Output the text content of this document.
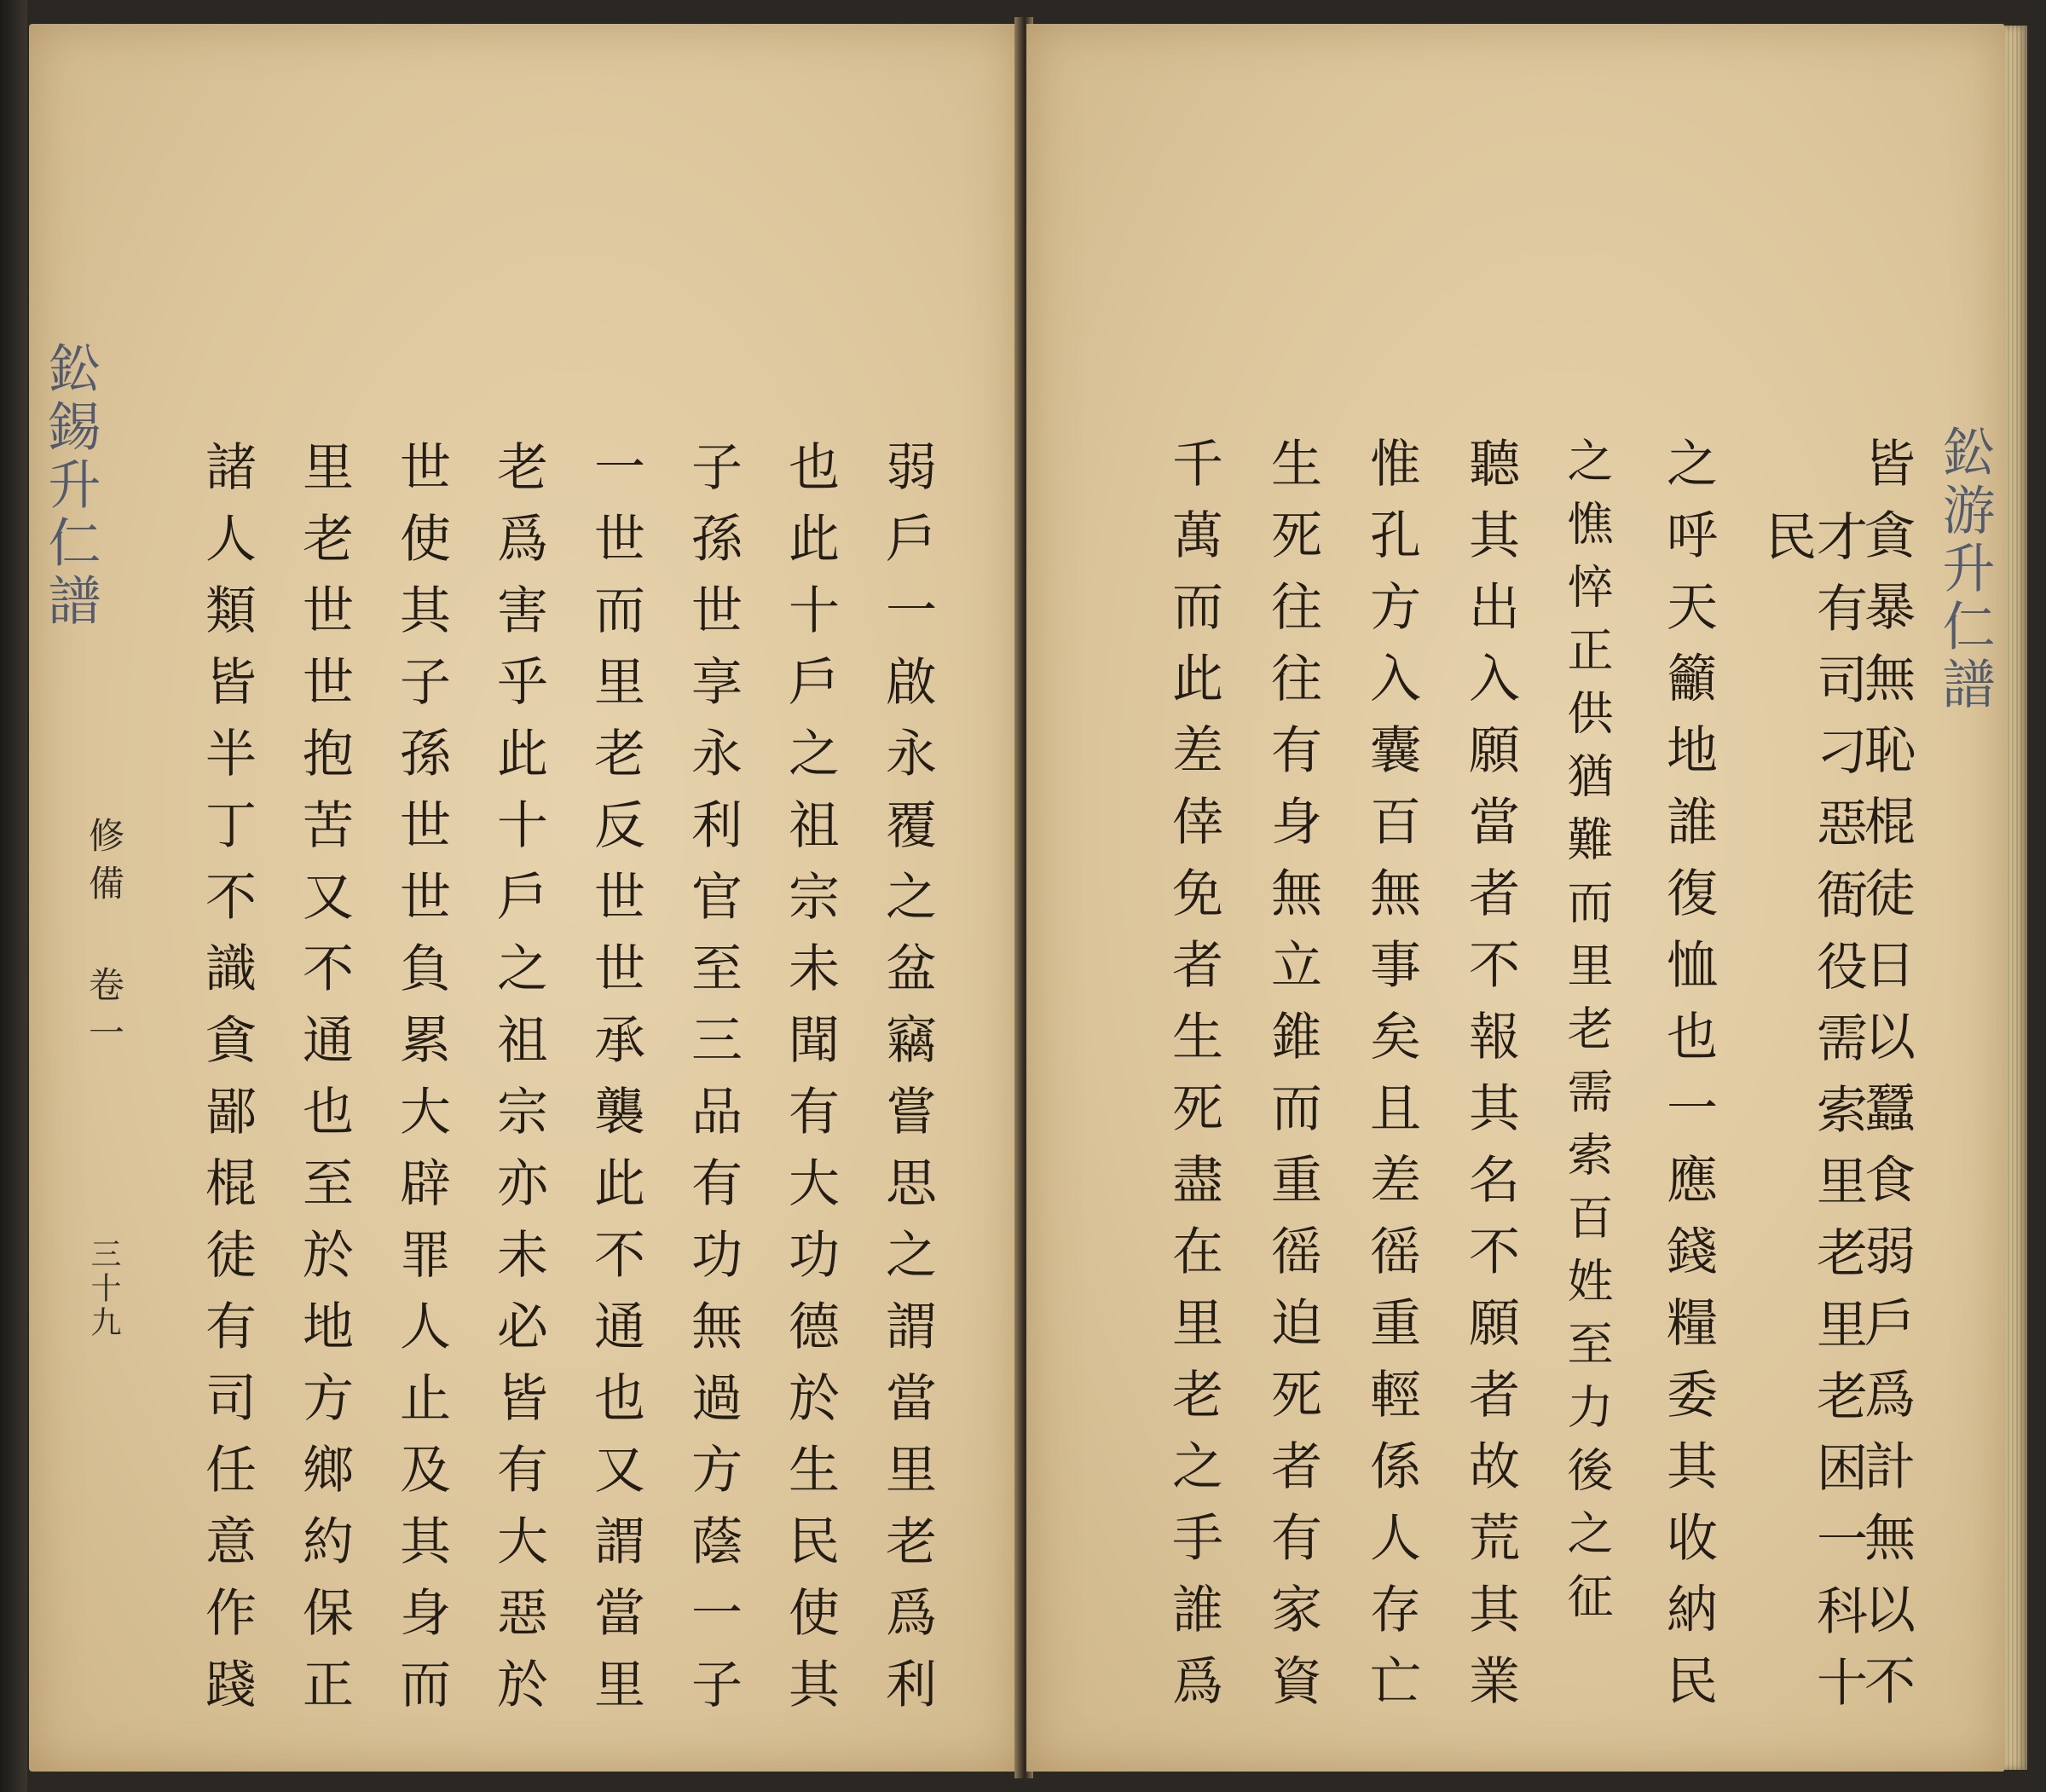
鈆錫升仁譜
修備 卷一
三十九	弱戶一啟永覆之盆竊嘗思之謂當里老爲利
也此十戶之祖宗未聞有大功德於生民使其
子孫世享永利官至三品有功無過方蔭一子
一世而里老反世世承襲此不通也又謂當里
老爲害乎此十戶之祖宗亦未必皆有大惡於
世使其子孫世世負累大辟罪人止及其身而
里老世世抱苦又不通也至於地方鄉約保正
諸人類皆半丁不識貪鄙棍徒有司任意作踐	鈆游升仁譜
皆貪暴無恥棍徒日以蠶食弱戶爲計無以不
才有司刁惡衙役需索里老里老困一科十民
之呼天籲地誰復恤也一應錢糧委其收納民
之憔悴正供猶難而里老需索百姓至力後之征
聽其出入願當者不報其名不願者故荒其業
惟孔方入囊百無事矣且差徭重輕係人存亡
生死往往有身無立錐而重徭迫死者有家資
千萬而此差倖免者生死盡在里老之手誰爲
